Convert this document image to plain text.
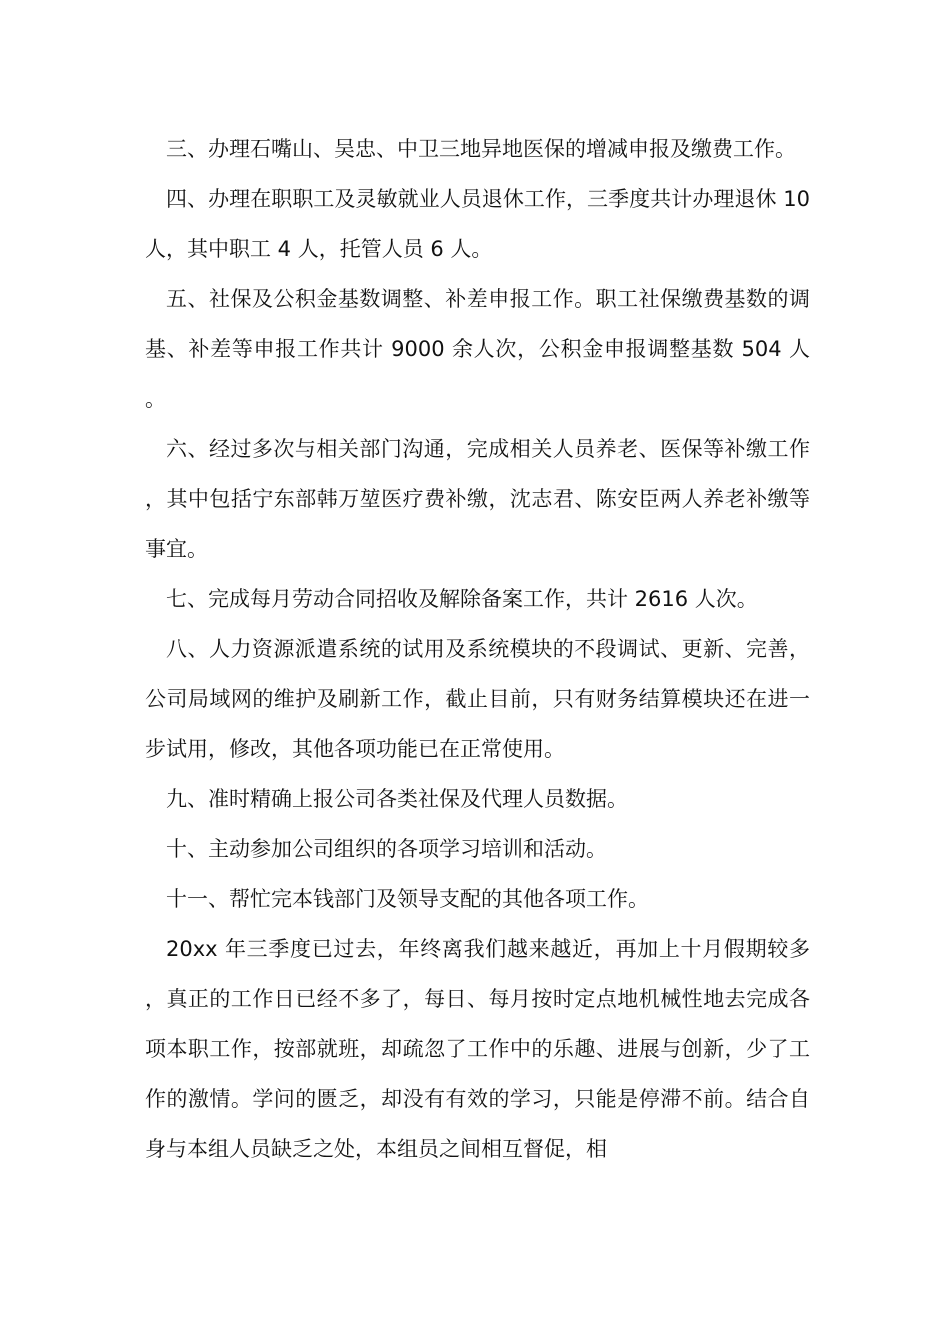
三、办理石嘴山、吴忠、中卫三地异地医保的增减申报及缴费工作。

四、办理在职职工及灵敏就业人员退休工作，三季度共计办理退休 10 人，其中职工 4 人，托管人员 6 人。

五、社保及公积金基数调整、补差申报工作。职工社保缴费基数的调基、补差等申报工作共计 9000 余人次，公积金申报调整基数 504 人。

六、经过多次与相关部门沟通，完成相关人员养老、医保等补缴工作，其中包括宁东部韩万堃医疗费补缴，沈志君、陈安臣两人养老补缴等事宜。

七、完成每月劳动合同招收及解除备案工作，共计 2616 人次。

八、人力资源派遣系统的试用及系统模块的不段调试、更新、完善，公司局域网的维护及刷新工作，截止目前，只有财务结算模块还在进一步试用，修改，其他各项功能已在正常使用。

九、准时精确上报公司各类社保及代理人员数据。

十、主动参加公司组织的各项学习培训和活动。

十一、帮忙完本钱部门及领导支配的其他各项工作。

20xx 年三季度已过去，年终离我们越来越近，再加上十月假期较多，真正的工作日已经不多了，每日、每月按时定点地机械性地去完成各项本职工作，按部就班，却疏忽了工作中的乐趣、进展与创新，少了工作的激情。学问的匮乏，却没有有效的学习，只能是停滞不前。结合自身与本组人员缺乏之处，本组员之间相互督促，相
